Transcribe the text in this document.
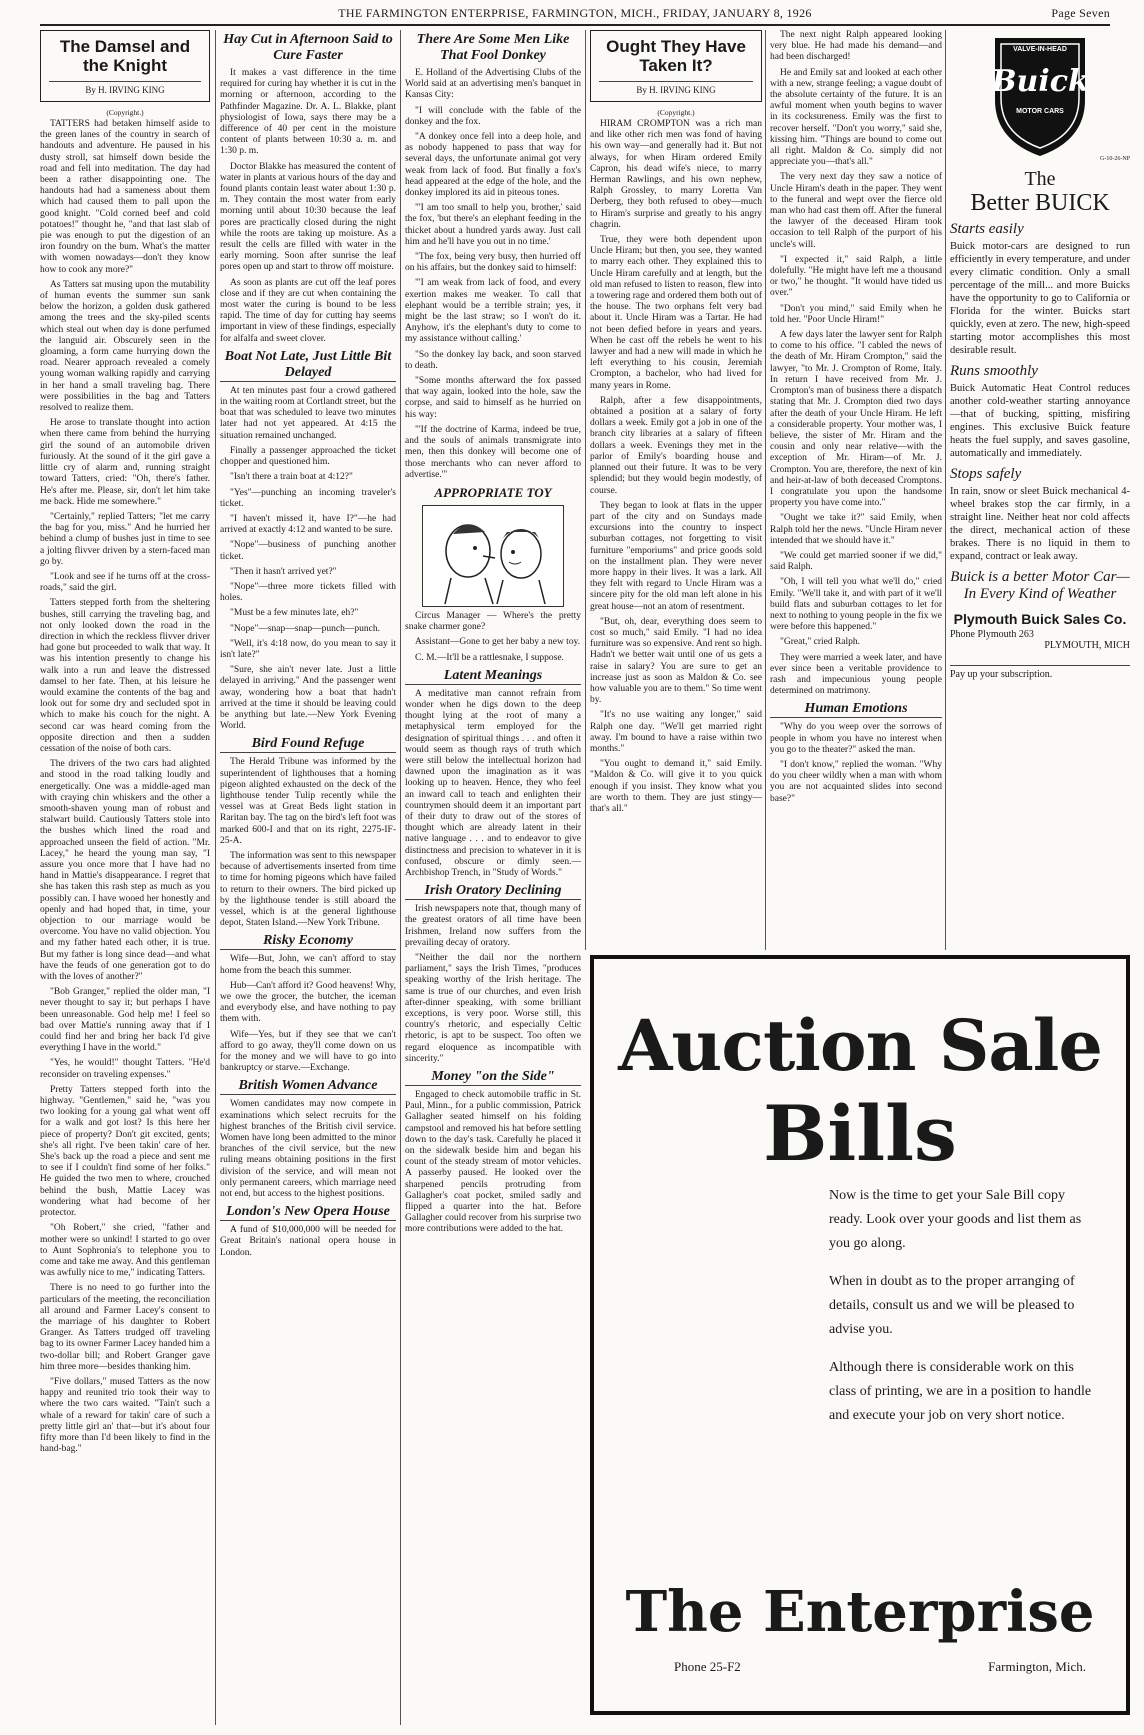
THE FARMINGTON ENTERPRISE, FARMINGTON, MICH., FRIDAY, JANUARY 8, 1926	Page Seven
The Damsel and the Knight
By H. IRVING KING
(Copyright.)

TATTERS had betaken himself aside to the green lanes of the country in search of handouts and adventure. He paused in his dusty stroll, sat himself down beside the road and fell into meditation. The day had been a rather disappointing one. The handouts had had a sameness about them which had caused them to pall upon the good knight. "Cold corned beef and cold potatoes!" thought he, "and that last slab of pie was enough to put the digestion of an iron foundry on the bum. What's the matter with women nowadays—don't they know how to cook any more?"

As Tatters sat musing upon the mutability of human events the summer sun sank below the horizon, a golden dusk gathered among the trees and the sky-piled scents which steal out when day is done perfumed the languid air. Obscurely seen in the gloaming, a form came hurrying down the road. Nearer approach revealed a comely young woman walking rapidly and carrying in her hand a small traveling bag. There were possibilities in the bag and Tatters resolved to realize them.

He arose to translate thought into action when there came from behind the hurrying girl the sound of an automobile driven furiously. At the sound of it the girl gave a little cry of alarm and, running straight toward Tatters, cried: "Oh, there's father. He's after me. Please, sir, don't let him take me back. Hide me somewhere."

"Certainly," replied Tatters; "let me carry the bag for you, miss." And he hurried her behind a clump of bushes just in time to see a jolting flivver driven by a stern-faced man go by.

"Look and see if he turns off at the cross-roads," said the girl.

Tatters stepped forth from the sheltering bushes, still carrying the traveling bag, and not only looked down the road in the direction in which the reckless flivver driver had gone but proceeded to walk that way. It was his intention presently to change his walk into a run and leave the distressed damsel to her fate. Then, at his leisure he would examine the contents of the bag and look out for some dry and secluded spot in which to make his couch for the night. A second car was heard coming from the opposite direction and then a sudden cessation of the noise of both cars.

The drivers of the two cars had alighted and stood in the road talking loudly and energetically. One was a middle-aged man with craying chin whiskers and the other a smooth-shaven young man of robust and stalwart build. Cautiously Tatters stole into the bushes which lined the road and approached unseen the field of action. "Mr. Lacey," he heard the young man say, "I assure you once more that I have had no hand in Mattie's disappearance. I regret that she has taken this rash step as much as you possibly can. I have wooed her honestly and openly and had hoped that, in time, your objection to our marriage would be overcome. You have no valid objection. You and my father hated each other, it is true. But my father is long since dead—and what have the feuds of one generation got to do with the loves of another?"

"Bob Granger," replied the older man, "I never thought to say it; but perhaps I have been unreasonable. God help me! I feel so bad over Mattie's running away that if I could find her and bring her back I'd give everything I have in the world."

"Yes, he would!" thought Tatters. "He'd reconsider on traveling expenses."

Pretty Tatters stepped forth into the highway. "Gentlemen," said he, "was you two looking for a young gal what went off for a walk and got lost? Is this here her piece of property? Don't git excited, gents; she's all right. I've been takin' care of her. She's back up the road a piece and sent me to see if I couldn't find some of her folks." He guided the two men to where, crouched behind the bush, Mattie Lacey was wondering what had become of her protector.

"Oh Robert," she cried, "father and mother were so unkind! I started to go over to Aunt Sophronia's to telephone you to come and take me away. And this gentleman was awfully nice to me," indicating Tatters.

There is no need to go further into the particulars of the meeting, the reconciliation all around and Farmer Lacey's consent to the marriage of his daughter to Robert Granger. As Tatters trudged off traveling bag to its owner Farmer Lacey handed him a two-dollar bill; and Robert Granger gave him three more—besides thanking him.

"Five dollars," mused Tatters as the now happy and reunited trio took their way to where the two cars waited. "Tain't such a whale of a reward for takin' care of such a pretty little girl an' that—but it's about four fifty more than I'd been likely to find in the hand-bag."

Hay Cut in Afternoon Said to Cure Faster

It makes a vast difference in the time required for curing hay whether it is cut in the morning or afternoon, according to the Pathfinder Magazine. Dr. A. L. Blakke, plant physiologist of Iowa, says there may be a difference of 40 per cent in the moisture content of plants between 10:30 a. m. and 1:30 p. m.

Doctor Blakke has measured the content of water in plants at various hours of the day and found plants contain least water about 1:30 p. m. They contain the most water from early morning until about 10:30 because the leaf pores are practically closed during the night while the roots are taking up moisture. As a result the cells are filled with water in the early morning. Soon after sunrise the leaf pores open up and start to throw off moisture.

As soon as plants are cut off the leaf pores close and if they are cut when containing the most water the curing is bound to be less rapid. The time of day for cutting hay seems important in view of these findings, especially for alfalfa and sweet clover.

Boat Not Late, Just Little Bit Delayed

At ten minutes past four a crowd gathered in the waiting room at Cortlandt street, but the boat that was scheduled to leave two minutes later had not yet appeared. At 4:15 the situation remained unchanged.

Finally a passenger approached the ticket chopper and questioned him.

"Isn't there a train boat at 4:12?"

"Yes"—punching an incoming traveler's ticket.

"I haven't missed it, have I?"—he had arrived at exactly 4:12 and wanted to be sure.

"Nope"—business of punching another ticket.

"Then it hasn't arrived yet?"

"Nope"—three more tickets filled with holes.

"Must be a few minutes late, eh?"

"Nope"—snap—snap—punch—punch.

"Well, it's 4:18 now, do you mean to say it isn't late?"

"Sure, she ain't never late. Just a little delayed in arriving." And the passenger went away, wondering how a boat that hadn't arrived at the time it should be leaving could be anything but late.—New York Evening World.

Bird Found Refuge

The Herald Tribune was informed by the superintendent of lighthouses that a homing pigeon alighted exhausted on the deck of the lighthouse tender Tulip recently while the vessel was at Great Beds light station in Raritan bay. The tag on the bird's left foot was marked 600-I and that on its right, 2275-IF-25-A.

The information was sent to this newspaper because of advertisements inserted from time to time for homing pigeons which have failed to return to their owners. The bird picked up by the lighthouse tender is still aboard the vessel, which is at the general lighthouse depot, Staten Island.—New York Tribune.

Risky Economy

Wife—But, John, we can't afford to stay home from the beach this summer.

Hub—Can't afford it? Good heavens! Why, we owe the grocer, the butcher, the iceman and everybody else, and have nothing to pay them with.

Wife—Yes, but if they see that we can't afford to go away, they'll come down on us for the money and we will have to go into bankruptcy or starve.—Exchange.

British Women Advance

Women candidates may now compete in examinations which select recruits for the highest branches of the British civil service. Women have long been admitted to the minor branches of the civil service, but the new ruling means obtaining positions in the first division of the service, and will mean not only permanent careers, which marriage need not end, but access to the highest positions.

London's New Opera House

A fund of $10,000,000 will be needed for Great Britain's national opera house in London.

There Are Some Men Like That Fool Donkey

E. Holland of the Advertising Clubs of the World said at an advertising men's banquet in Kansas City:

"I will conclude with the fable of the donkey and the fox.

"A donkey once fell into a deep hole, and as nobody happened to pass that way for several days, the unfortunate animal got very weak from lack of food. But finally a fox's head appeared at the edge of the hole, and the donkey implored its aid in piteous tones.

"'I am too small to help you, brother,' said the fox, 'but there's an elephant feeding in the thicket about a hundred yards away. Just call him and he'll have you out in no time.'

"The fox, being very busy, then hurried off on his affairs, but the donkey said to himself:

"'I am weak from lack of food, and every exertion makes me weaker. To call that elephant would be a terrible strain; yes, it might be the last straw; so I won't do it. Anyhow, it's the elephant's duty to come to my assistance without calling.'

"So the donkey lay back, and soon starved to death.

"Some months afterward the fox passed that way again, looked into the hole, saw the corpse, and said to himself as he hurried on his way:

"'If the doctrine of Karma, indeed be true, and the souls of animals transmigrate into men, then this donkey will become one of those merchants who can never afford to advertise.'"

APPROPRIATE TOY

Circus Manager — Where's the pretty snake charmer gone?

Assistant—Gone to get her baby a new toy.

C. M.—It'll be a rattlesnake, I suppose.

Latent Meanings

A meditative man cannot refrain from wonder when he digs down to the deep thought lying at the root of many a metaphysical term employed for the designation of spiritual things . . . and often it would seem as though rays of truth which were still below the intellectual horizon had dawned upon the imagination as it was looking up to heaven. Hence, they who feel an inward call to teach and enlighten their countrymen should deem it an important part of their duty to draw out of the stores of thought which are already latent in their native language . . . and to endeavor to give distinctness and precision to whatever in it is confused, obscure or dimly seen.—Archbishop Trench, in "Study of Words."

Irish Oratory Declining

Irish newspapers note that, though many of the greatest orators of all time have been Irishmen, Ireland now suffers from the prevailing decay of oratory.

"Neither the dail nor the northern parliament," says the Irish Times, "produces speaking worthy of the Irish heritage. The same is true of our churches, and even Irish after-dinner speaking, with some brilliant exceptions, is very poor. Worse still, this country's rhetoric, and especially Celtic rhetoric, is apt to be suspect. Too often we regard eloquence as incompatible with sincerity."

Money "on the Side"

Engaged to check automobile traffic in St. Paul, Minn., for a public commission, Patrick Gallagher seated himself on his folding campstool and removed his hat before settling down to the day's task. Carefully he placed it on the sidewalk beside him and began his count of the steady stream of motor vehicles. A passerby paused. He looked over the sharpened pencils protruding from Gallagher's coat pocket, smiled sadly and flipped a quarter into the hat. Before Gallagher could recover from his surprise two more contributions were added to the hat.

Ought They Have Taken It?
By H. IRVING KING
(Copyright.)

HIRAM CROMPTON was a rich man and like other rich men was fond of having his own way—and generally had it. But not always, for when Hiram ordered Emily Capron, his dead wife's niece, to marry Herman Rawlings, and his own nephew, Ralph Grossley, to marry Loretta Van Derberg, they both refused to obey—much to Hiram's surprise and greatly to his angry chagrin.

True, they were both dependent upon Uncle Hiram; but then, you see, they wanted to marry each other. They explained this to Uncle Hiram carefully and at length, but the old man refused to listen to reason, flew into a towering rage and ordered them both out of the house. The two orphans felt very bad about it. Uncle Hiram was a Tartar. He had not been defied before in years and years. When he cast off the rebels he went to his lawyer and had a new will made in which he left everything to his cousin, Jeremiah Crompton, a bachelor, who had lived for many years in Rome.

Ralph, after a few disappointments, obtained a position at a salary of forty dollars a week. Emily got a job in one of the branch city libraries at a salary of fifteen dollars a week. Evenings they met in the parlor of Emily's boarding house and planned out their future. It was to be very splendid; but they would begin modestly, of course.

They began to look at flats in the upper part of the city and on Sundays made excursions into the country to inspect suburban cottages, not forgetting to visit furniture "emporiums" and price goods sold on the installment plan. They were never more happy in their lives. It was a lark. All they felt with regard to Uncle Hiram was a sincere pity for the old man left alone in his great house—not an atom of resentment.

"But, oh, dear, everything does seem to cost so much," said Emily. "I had no idea furniture was so expensive. And rent so high. Hadn't we better wait until one of us gets a raise in salary? You are sure to get an increase just as soon as Maldon & Co. see how valuable you are to them." So time went by.

"It's no use waiting any longer," said Ralph one day. "We'll get married right away. I'm bound to have a raise within two months."

"You ought to demand it," said Emily. "Maldon & Co. will give it to you quick enough if you insist. They know what you are worth to them. They are just stingy—that's all."

The next night Ralph appeared looking very blue. He had made his demand—and had been discharged!

He and Emily sat and looked at each other with a new, strange feeling; a vague doubt of the absolute certainty of the future. It is an awful moment when youth begins to waver in its cocksureness. Emily was the first to recover herself. "Don't you worry," said she, kissing him. "Things are bound to come out all right. Maldon & Co. simply did not appreciate you—that's all."

The very next day they saw a notice of Uncle Hiram's death in the paper. They went to the funeral and wept over the fierce old man who had cast them off. After the funeral the lawyer of the deceased Hiram took occasion to tell Ralph of the purport of his uncle's will.

"I expected it," said Ralph, a little dolefully. "He might have left me a thousand or two," he thought. "It would have tided us over."

"Don't you mind," said Emily when he told her. "Poor Uncle Hiram!"

A few days later the lawyer sent for Ralph to come to his office. "I cabled the news of the death of Mr. Hiram Crompton," said the lawyer, "to Mr. J. Crompton of Rome, Italy. In return I have received from Mr. J. Crompton's man of business there a dispatch stating that Mr. J. Crompton died two days after the death of your Uncle Hiram. He left a considerable property. Your mother was, I believe, the sister of Mr. Hiram and the cousin and only near relative—with the exception of Mr. Hiram—of Mr. J. Crompton. You are, therefore, the next of kin and heir-at-law of both deceased Cromptons. I congratulate you upon the handsome property you have come into."

"Ought we take it?" said Emily, when Ralph told her the news. "Uncle Hiram never intended that we should have it."

"We could get married sooner if we did," said Ralph.

"Oh, I will tell you what we'll do," cried Emily. "We'll take it, and with part of it we'll build flats and suburban cottages to let for next to nothing to young people in the fix we were before this happened."

"Great," cried Ralph.

They were married a week later, and have ever since been a veritable providence to rash and impecunious young people determined on matrimony.

Human Emotions

"Why do you weep over the sorrows of people in whom you have no interest when you go to the theater?" asked the man.

"I don't know," replied the woman. "Why do you cheer wildly when a man with whom you are not acquainted slides into second base?"

VALVE-IN-HEAD
Buick
MOTOR CARS
G-10-26-NP
The
Better BUICK
Starts easily

Buick motor-cars are designed to run efficiently in every temperature, and under every climatic condition. Only a small percentage of the mill... and more Buicks have the opportunity to go to California or Florida for the winter. Buicks start quickly, even at zero. The new, high-speed starting motor accomplishes this most desirable result.

Runs smoothly

Buick Automatic Heat Control reduces another cold-weather starting annoyance—that of bucking, spitting, misfiring engines. This exclusive Buick feature heats the fuel supply, and saves gasoline, automatically and immediately.

Stops safely

In rain, snow or sleet Buick mechanical 4-wheel brakes stop the car firmly, in a straight line. Neither heat nor cold affects the direct, mechanical action of these brakes. There is no liquid in them to expand, contract or leak away.

Buick is a better Motor Car—In Every Kind of Weather
Plymouth Buick Sales Co.
Phone Plymouth 263
PLYMOUTH, MICH
Pay up your subscription.
Auction Sale
Bills

Now is the time to get your Sale Bill copy ready. Look over your goods and list them as you go along.

When in doubt as to the proper arranging of details, consult us and we will be pleased to advise you.

Although there is considerable work on this class of printing, we are in a position to handle and execute your job on very short notice.

The Enterprise
Phone 25-F2	Farmington, Mich.
